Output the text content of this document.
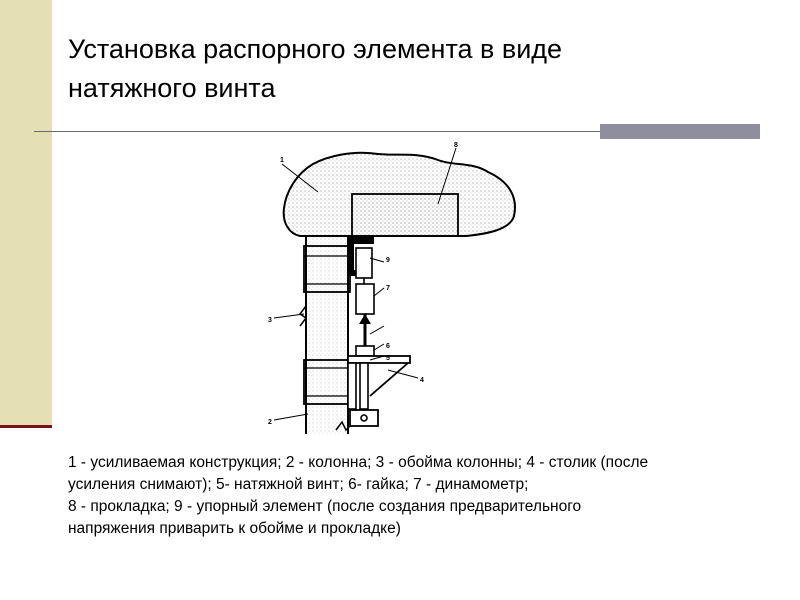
Установка распорного элемента в виде
натяжного винта
1
2
3
4
5
6
7
8
9
1 - усиливаемая конструкция; 2 - колонна; 3 - обойма колонны; 4 - столик (после
усиления снимают); 5- натяжной винт; 6- гайка; 7 - динамометр;
8 - прокладка; 9 - упорный элемент (после создания предварительного
напряжения приварить к обойме и прокладке)
